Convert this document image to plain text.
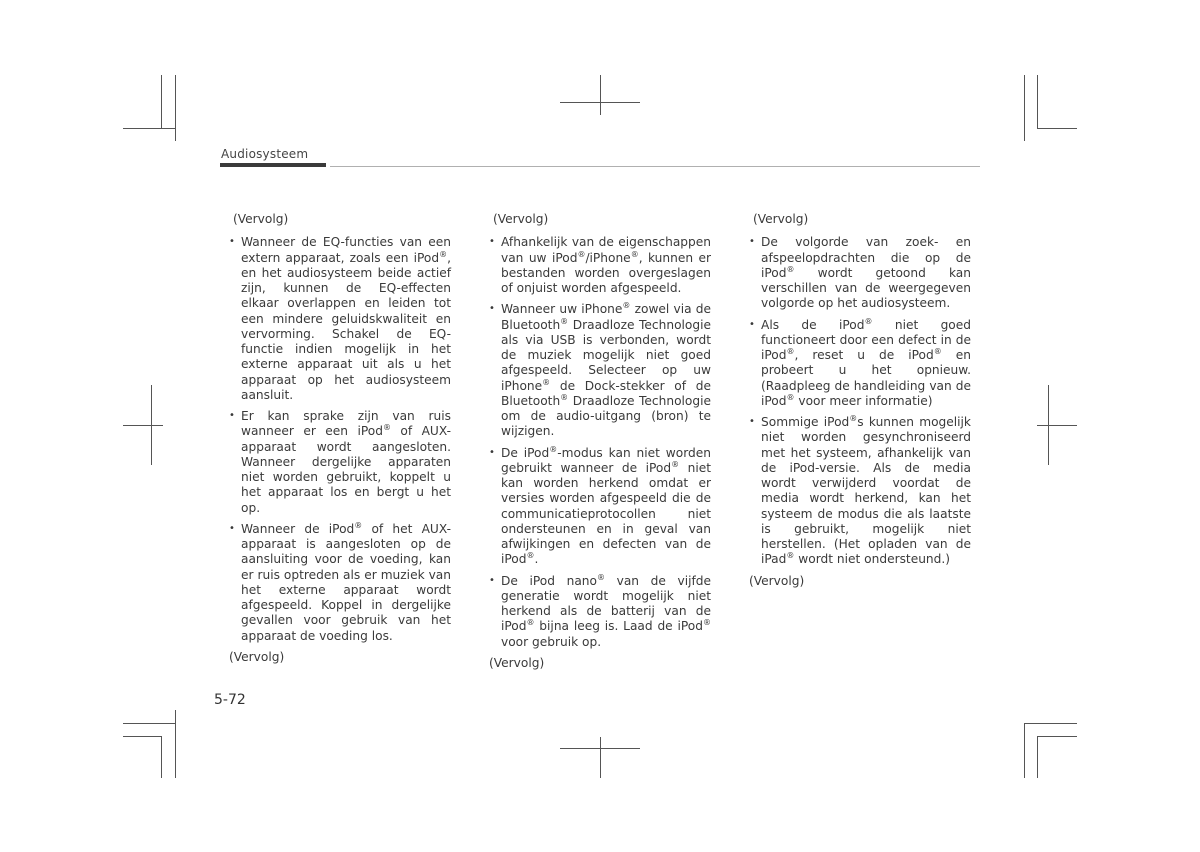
Audiosysteem
(Vervolg)
• Wanneer de EQ-functies van een extern apparaat, zoals een iPod®, en het audiosysteem beide actief zijn, kunnen de EQ-effecten elkaar overlappen en leiden tot een mindere geluidskwaliteit en vervorming. Schakel de EQ-functie indien mogelijk in het externe apparaat uit als u het apparaat op het audiosysteem aansluit.
• Er kan sprake zijn van ruis wanneer er een iPod® of AUX-apparaat wordt aangesloten. Wanneer dergelijke apparaten niet worden gebruikt, koppelt u het apparaat los en bergt u het op.
• Wanneer de iPod® of het AUX-apparaat is aangesloten op de aansluiting voor de voeding, kan er ruis optreden als er muziek van het externe apparaat wordt afgespeeld. Koppel in dergelijke gevallen voor gebruik van het apparaat de voeding los.
(Vervolg)
(Vervolg)
• Afhankelijk van de eigenschappen van uw iPod®/iPhone®, kunnen er bestanden worden overgeslagen of onjuist worden afgespeeld.
• Wanneer uw iPhone® zowel via de Bluetooth® Draadloze Technologie als via USB is verbonden, wordt de muziek mogelijk niet goed afgespeeld. Selecteer op uw iPhone® de Dock-stekker of de Bluetooth® Draadloze Technologie om de audio-uitgang (bron) te wijzigen.
• De iPod®-modus kan niet worden gebruikt wanneer de iPod® niet kan worden herkend omdat er versies worden afgespeeld die de communicatieprotocollen niet ondersteunen en in geval van afwijkingen en defecten van de iPod®.
• De iPod nano® van de vijfde generatie wordt mogelijk niet herkend als de batterij van de iPod® bijna leeg is. Laad de iPod® voor gebruik op.
(Vervolg)
(Vervolg)
• De volgorde van zoek- en afspeelopdrachten die op de iPod® wordt getoond kan verschillen van de weergegeven volgorde op het audiosysteem.
• Als de iPod® niet goed functioneert door een defect in de iPod®, reset u de iPod® en probeert u het opnieuw. (Raadpleeg de handleiding van de iPod® voor meer informatie)
• Sommige iPod®s kunnen mogelijk niet worden gesynchroniseerd met het systeem, afhankelijk van de iPod-versie. Als de media wordt verwijderd voordat de media wordt herkend, kan het systeem de modus die als laatste is gebruikt, mogelijk niet herstellen. (Het opladen van de iPad® wordt niet ondersteund.)
(Vervolg)
5-72
